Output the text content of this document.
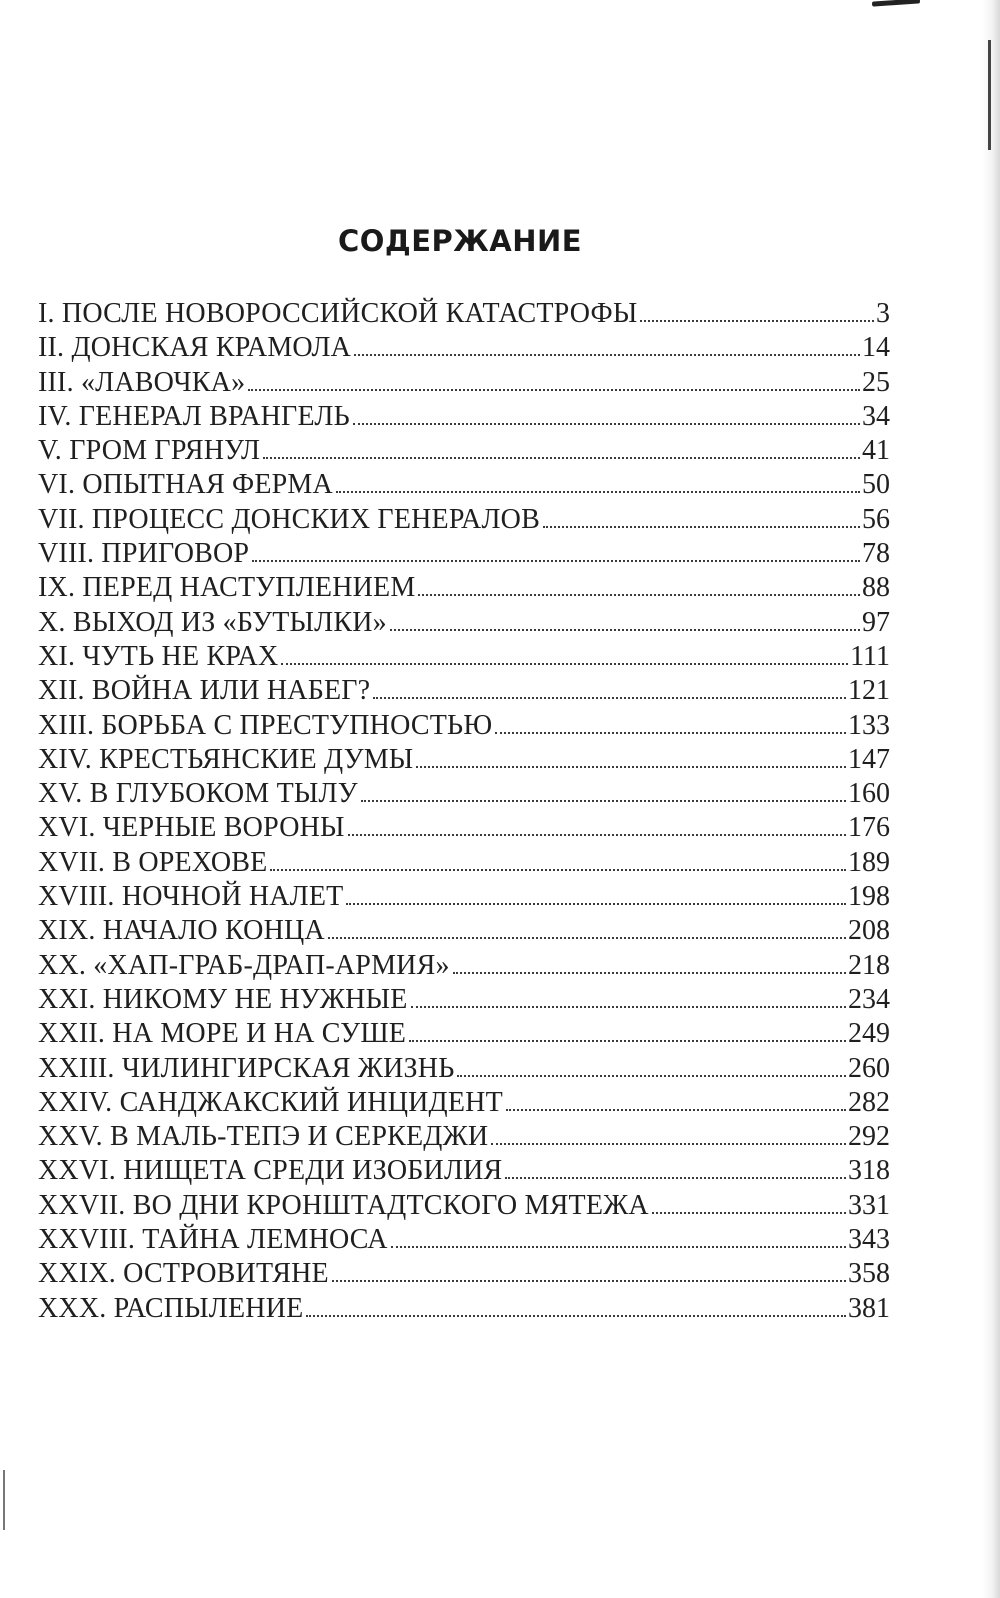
СОДЕРЖАНИЕ
I. ПОСЛЕ НОВОРОССИЙСКОЙ КАТАСТРОФЫ	3
II. ДОНСКАЯ КРАМОЛА	14
III. «ЛАВОЧКА»	25
IV. ГЕНЕРАЛ ВРАНГЕЛЬ	34
V. ГРОМ ГРЯНУЛ	41
VI. ОПЫТНАЯ ФЕРМА	50
VII. ПРОЦЕСС ДОНСКИХ ГЕНЕРАЛОВ	56
VIII. ПРИГОВОР	78
IX. ПЕРЕД НАСТУПЛЕНИЕМ	88
X. ВЫХОД ИЗ «БУТЫЛКИ»	97
XI. ЧУТЬ НЕ КРАХ	111
XII. ВОЙНА ИЛИ НАБЕГ?	121
XIII. БОРЬБА С ПРЕСТУПНОСТЬЮ	133
XIV. КРЕСТЬЯНСКИЕ ДУМЫ	147
XV. В ГЛУБОКОМ ТЫЛУ	160
XVI. ЧЕРНЫЕ ВОРОНЫ	176
XVII. В ОРЕХОВЕ	189
XVIII. НОЧНОЙ НАЛЕТ	198
XIX. НАЧАЛО КОНЦА	208
XX. «ХАП-ГРАБ-ДРАП-АРМИЯ»	218
XXI. НИКОМУ НЕ НУЖНЫЕ	234
XXII. НА МОРЕ И НА СУШЕ	249
XXIII. ЧИЛИНГИРСКАЯ ЖИЗНЬ	260
XXIV. САНДЖАКСКИЙ ИНЦИДЕНТ	282
XXV. В МАЛЬ-ТЕПЭ И СЕРКЕДЖИ	292
XXVI. НИЩЕТА СРЕДИ ИЗОБИЛИЯ	318
XXVII. ВО ДНИ КРОНШТАДТСКОГО МЯТЕЖА	331
XXVIII. ТАЙНА ЛЕМНОСА	343
XXIX. ОСТРОВИТЯНЕ	358
XXX. РАСПЫЛЕНИЕ	381
